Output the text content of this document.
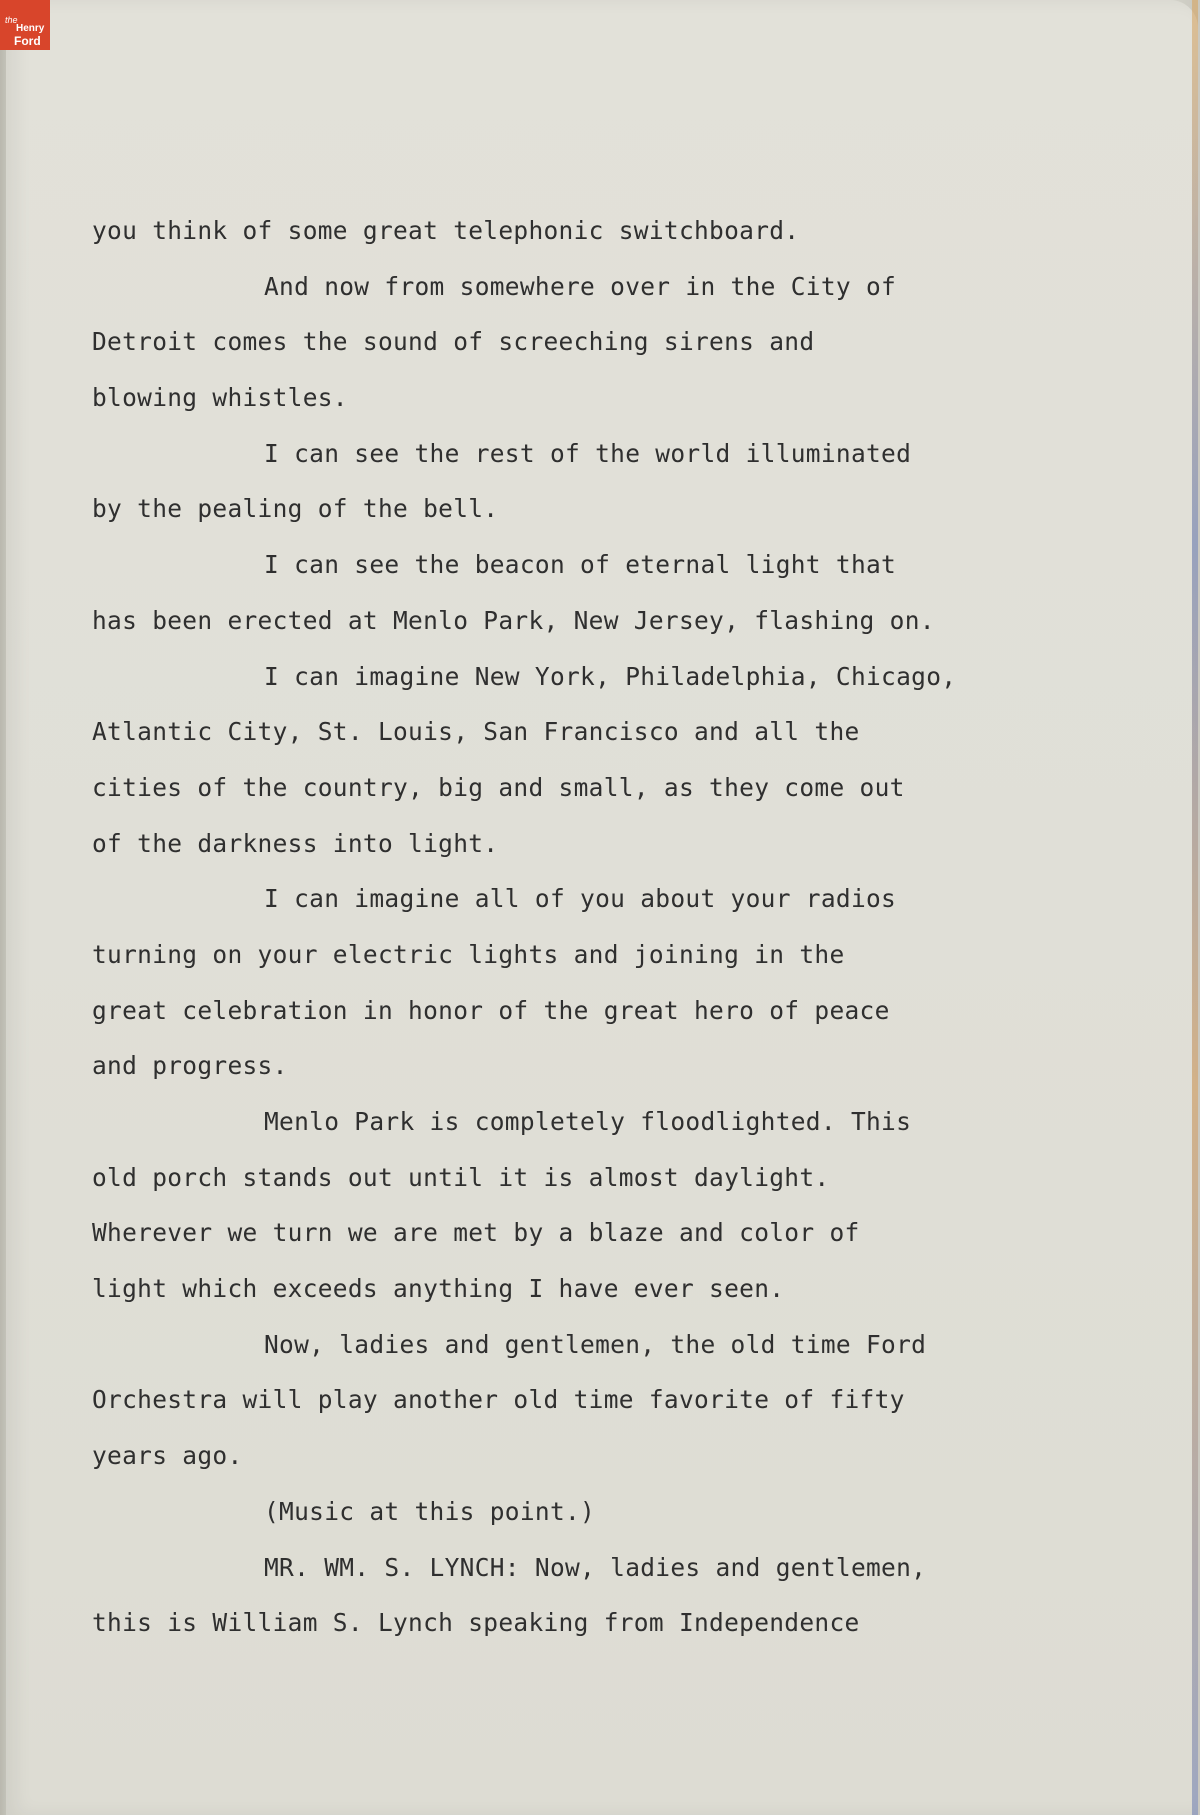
you think of some great telephonic switchboard.
And now from somewhere over in the City of
Detroit comes the sound of screeching sirens and
blowing whistles.
I can see the rest of the world illuminated
by the pealing of the bell.
I can see the beacon of eternal light that
has been erected at Menlo Park, New Jersey, flashing on.
I can imagine New York, Philadelphia, Chicago,
Atlantic City, St. Louis, San Francisco and all the
cities of the country, big and small, as they come out
of the darkness into light.
I can imagine all of you about your radios
turning on your electric lights and joining in the
great celebration in honor of the great hero of peace
and progress.
Menlo Park is completely floodlighted. This
old porch stands out until it is almost daylight.
Wherever we turn we are met by a blaze and color of
light which exceeds anything I have ever seen.
Now, ladies and gentlemen, the old time Ford
Orchestra will play another old time favorite of fifty
years ago.
(Music at this point.)
MR. WM. S. LYNCH: Now, ladies and gentlemen,
this is William S. Lynch speaking from Independence
the
Henry
Ford
